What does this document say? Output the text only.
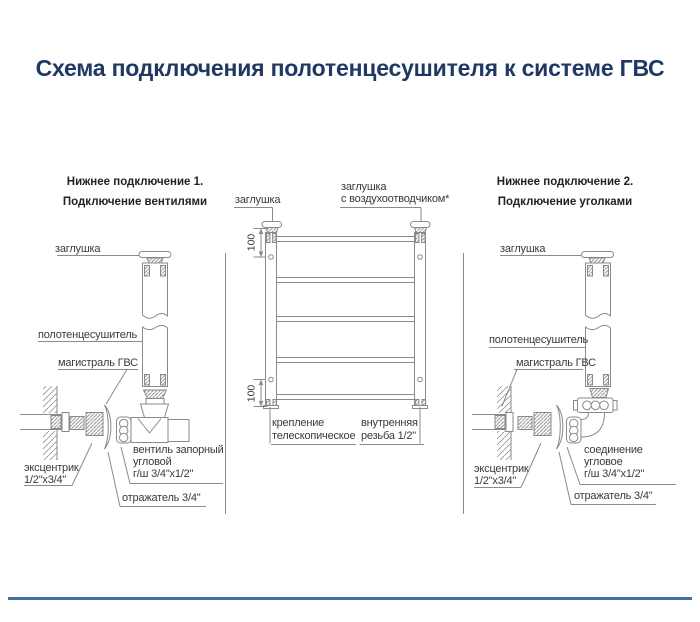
Схема подключения полотенцесушителя к системе ГВС
Нижнее подключение 1.
Подключение вентилями
Нижнее подключение 2.
Подключение уголками
заглушка
полотенцесушитель
магистраль ГВС
эксцентрик
1/2"x3/4"
вентиль запорный
угловой
г/ш 3/4"x1/2"
отражатель 3/4"
заглушка
заглушка
с воздухоотводчиком*
100
100
крепление
телескопическое
внутренняя
резьба 1/2"
заглушка
полотенцесушитель
магистраль ГВС
эксцентрик
1/2"x3/4"
соединение
угловое
г/ш 3/4"x1/2"
отражатель 3/4"
